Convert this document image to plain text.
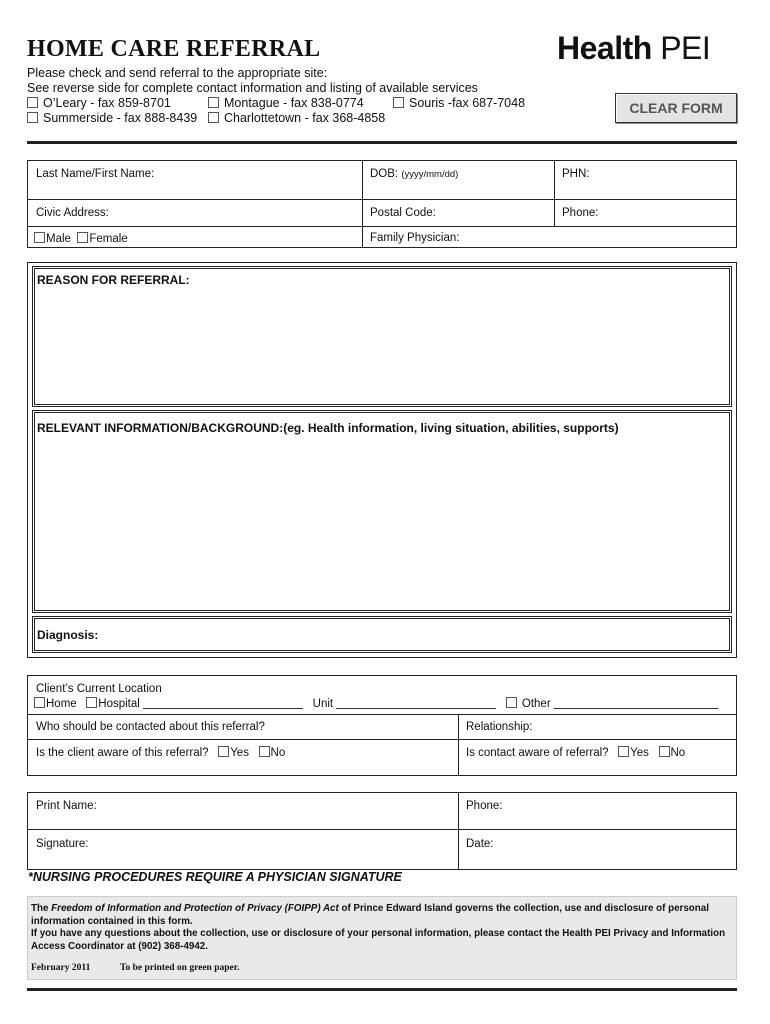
HOME CARE REFERRAL	Health PEI
Please check and send referral to the appropriate site:
See reverse side for complete contact information and listing of available services
O’Leary - fax 859-8701	Montague - fax 838-0774	Souris -fax 687-7048
Summerside - fax 888-8439	Charlottetown - fax 368-4858
CLEAR FORM
Last Name/First Name:	DOB: (yyyy/mm/dd)	PHN:
Civic Address:	Postal Code:	Phone:
Male Female	Family Physician:
REASON FOR REFERRAL:
RELEVANT INFORMATION/BACKGROUND:(eg. Health information, living situation, abilities, supports)
Diagnosis:
Client’s Current Location
Home Hospital	Unit	Other
Who should be contacted about this referral?	Relationship:
Is the client aware of this referral? Yes No	Is contact aware of referral? Yes No
Print Name:	Phone:
Signature:	Date:
*NURSING PROCEDURES REQUIRE A PHYSICIAN SIGNATURE

The Freedom of Information and Protection of Privacy (FOIPP) Act of Prince Edward Island governs the collection, use and disclosure of personal information contained in this form.

If you have any questions about the collection, use or disclosure of your personal information, please contact the Health PEI Privacy and Information Access Coordinator at (902) 368-4942.

February 2011	To be printed on green paper.
